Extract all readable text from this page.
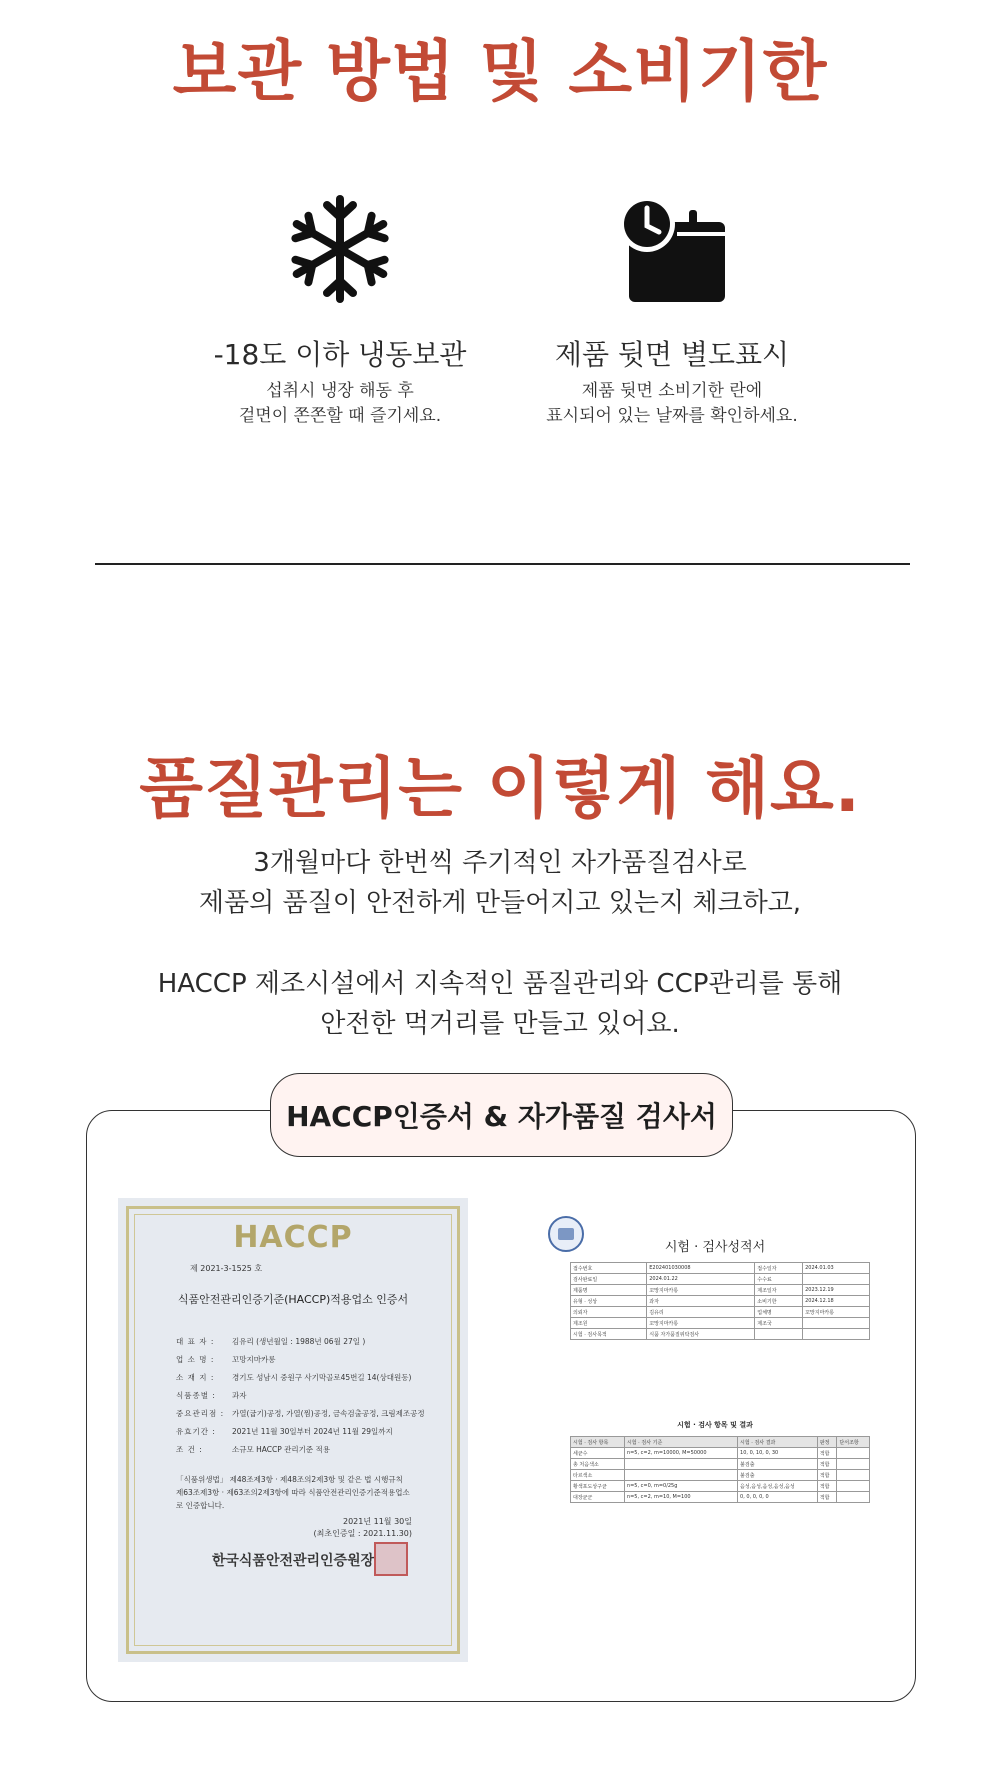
보관 방법 및 소비기한
-18도 이하 냉동보관
섭취시 냉장 해동 후
겉면이 쫀쫀할 때 즐기세요.
제품 뒷면 별도표시
제품 뒷면 소비기한 란에
표시되어 있는 날짜를 확인하세요.
품질관리는 이렇게 해요.
3개월마다 한번씩 주기적인 자가품질검사로
제품의 품질이 안전하게 만들어지고 있는지 체크하고,
HACCP 제조시설에서 지속적인 품질관리와 CCP관리를 통해
안전한 먹거리를 만들고 있어요.
HACCP인증서 & 자가품질 검사서
HACCP
제 2021-3-1525 호
식품안전관리인증기준(HACCP)적용업소 인증서
대 표 자 :	김유리 (생년월일 : 1988년 06월 27일 )
업 소 명 :	꼬망지마카롱
소 재 지 :	경기도 성남시 중원구 사기막골로45번길 14(상대원동)
식품종별 :	과자
중요관리점 :	가열(굽기)공정, 가열(찜)공정, 금속검출공정, 크림제조공정
유효기간 :	2021년 11월 30일부터 2024년 11월 29일까지
조 건 :	소규모 HACCP 관리기준 적용
「식품위생법」 제48조제3항 · 제48조의2제3항 및 같은 법 시행규칙 제63조제3항 · 제63조의2제3항에 따라 식품안전관리인증기준적용업소로 인증합니다.
2021년 11월 30일
(최초인증일 : 2021.11.30)
한국식품안전관리인증원장
시험 · 검사성적서
접수번호	E202401030008	접수일자	2024.01.03
검사완료일	2024.01.22	수수료	
제품명	꼬망지마카롱	제조일자	2023.12.19
유형 · 성상	과자	소비기한	2024.12.18
의뢰자	김유리	업체명	꼬망지마카롱
제조원	꼬망지마카롱	제조국	
시험 · 검사목적	식품 자가품질위탁검사		
시험 · 검사 항목 및 결과
시험 · 검사 항목	시험 · 검사 기준	시험 · 검사 결과	판정	단서조항
세균수	n=5, c=2, m=10000, M=50000	10, 0, 10, 0, 30	적합	
총 처음색소		불검출	적합	
타르색소		불검출	적합	
황색포도상구균	n=5, c=0, m=0/25g	음성,음성,음성,음성,음성	적합	
대장균군	n=5, c=2, m=10, M=100	0, 0, 0, 0, 0	적합	
